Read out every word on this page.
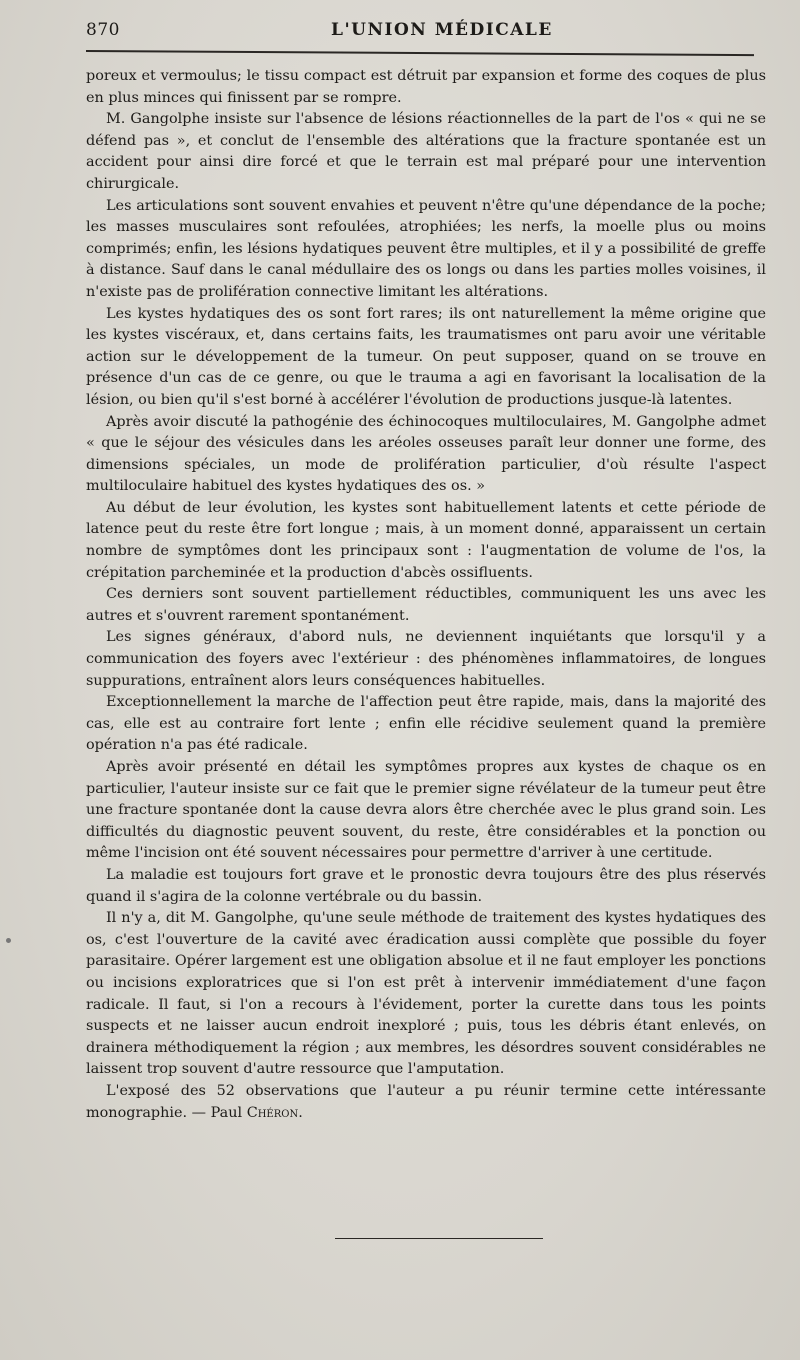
870	L'UNION MÉDICALE

poreux et vermoulus; le tissu compact est détruit par expansion et forme des coques de plus en plus minces qui finissent par se rompre.

M. Gangolphe insiste sur l'absence de lésions réactionnelles de la part de l'os « qui ne se défend pas », et conclut de l'ensemble des altérations que la fracture spontanée est un accident pour ainsi dire forcé et que le terrain est mal préparé pour une intervention chirurgicale.

Les articulations sont souvent envahies et peuvent n'être qu'une dépendance de la poche; les masses musculaires sont refoulées, atrophiées; les nerfs, la moelle plus ou moins comprimés; enfin, les lésions hydatiques peuvent être multiples, et il y a possibilité de greffe à distance. Sauf dans le canal médullaire des os longs ou dans les parties molles voisines, il n'existe pas de prolifération connective limitant les altérations.

Les kystes hydatiques des os sont fort rares; ils ont naturellement la même origine que les kystes viscéraux, et, dans certains faits, les traumatismes ont paru avoir une véritable action sur le développement de la tumeur. On peut supposer, quand on se trouve en présence d'un cas de ce genre, ou que le trauma a agi en favorisant la localisation de la lésion, ou bien qu'il s'est borné à accélérer l'évolution de productions jusque-là latentes.

Après avoir discuté la pathogénie des échinocoques multiloculaires, M. Gangolphe admet « que le séjour des vésicules dans les aréoles osseuses paraît leur donner une forme, des dimensions spéciales, un mode de prolifération particulier, d'où résulte l'aspect multiloculaire habituel des kystes hydatiques des os. »

Au début de leur évolution, les kystes sont habituellement latents et cette période de latence peut du reste être fort longue ; mais, à un moment donné, apparaissent un certain nombre de symptômes dont les principaux sont : l'augmentation de volume de l'os, la crépitation parcheminée et la production d'abcès ossifluents.

Ces derniers sont souvent partiellement réductibles, communiquent les uns avec les autres et s'ouvrent rarement spontanément.

Les signes généraux, d'abord nuls, ne deviennent inquiétants que lorsqu'il y a communication des foyers avec l'extérieur : des phénomènes inflammatoires, de longues suppurations, entraînent alors leurs conséquences habituelles.

Exceptionnellement la marche de l'affection peut être rapide, mais, dans la majorité des cas, elle est au contraire fort lente ; enfin elle récidive seulement quand la première opération n'a pas été radicale.

Après avoir présenté en détail les symptômes propres aux kystes de chaque os en particulier, l'auteur insiste sur ce fait que le premier signe révélateur de la tumeur peut être une fracture spontanée dont la cause devra alors être cherchée avec le plus grand soin. Les difficultés du diagnostic peuvent souvent, du reste, être considérables et la ponction ou même l'incision ont été souvent nécessaires pour permettre d'arriver à une certitude.

La maladie est toujours fort grave et le pronostic devra toujours être des plus réservés quand il s'agira de la colonne vertébrale ou du bassin.

Il n'y a, dit M. Gangolphe, qu'une seule méthode de traitement des kystes hydatiques des os, c'est l'ouverture de la cavité avec éradication aussi complète que possible du foyer parasitaire. Opérer largement est une obligation absolue et il ne faut employer les ponctions ou incisions exploratrices que si l'on est prêt à intervenir immédiatement d'une façon radicale. Il faut, si l'on a recours à l'évidement, porter la curette dans tous les points suspects et ne laisser aucun endroit inexploré ; puis, tous les débris étant enlevés, on drainera méthodiquement la région ; aux membres, les désordres souvent considérables ne laissent trop souvent d'autre ressource que l'amputation.

L'exposé des 52 observations que l'auteur a pu réunir termine cette intéressante monographie. — Paul Chéron.
